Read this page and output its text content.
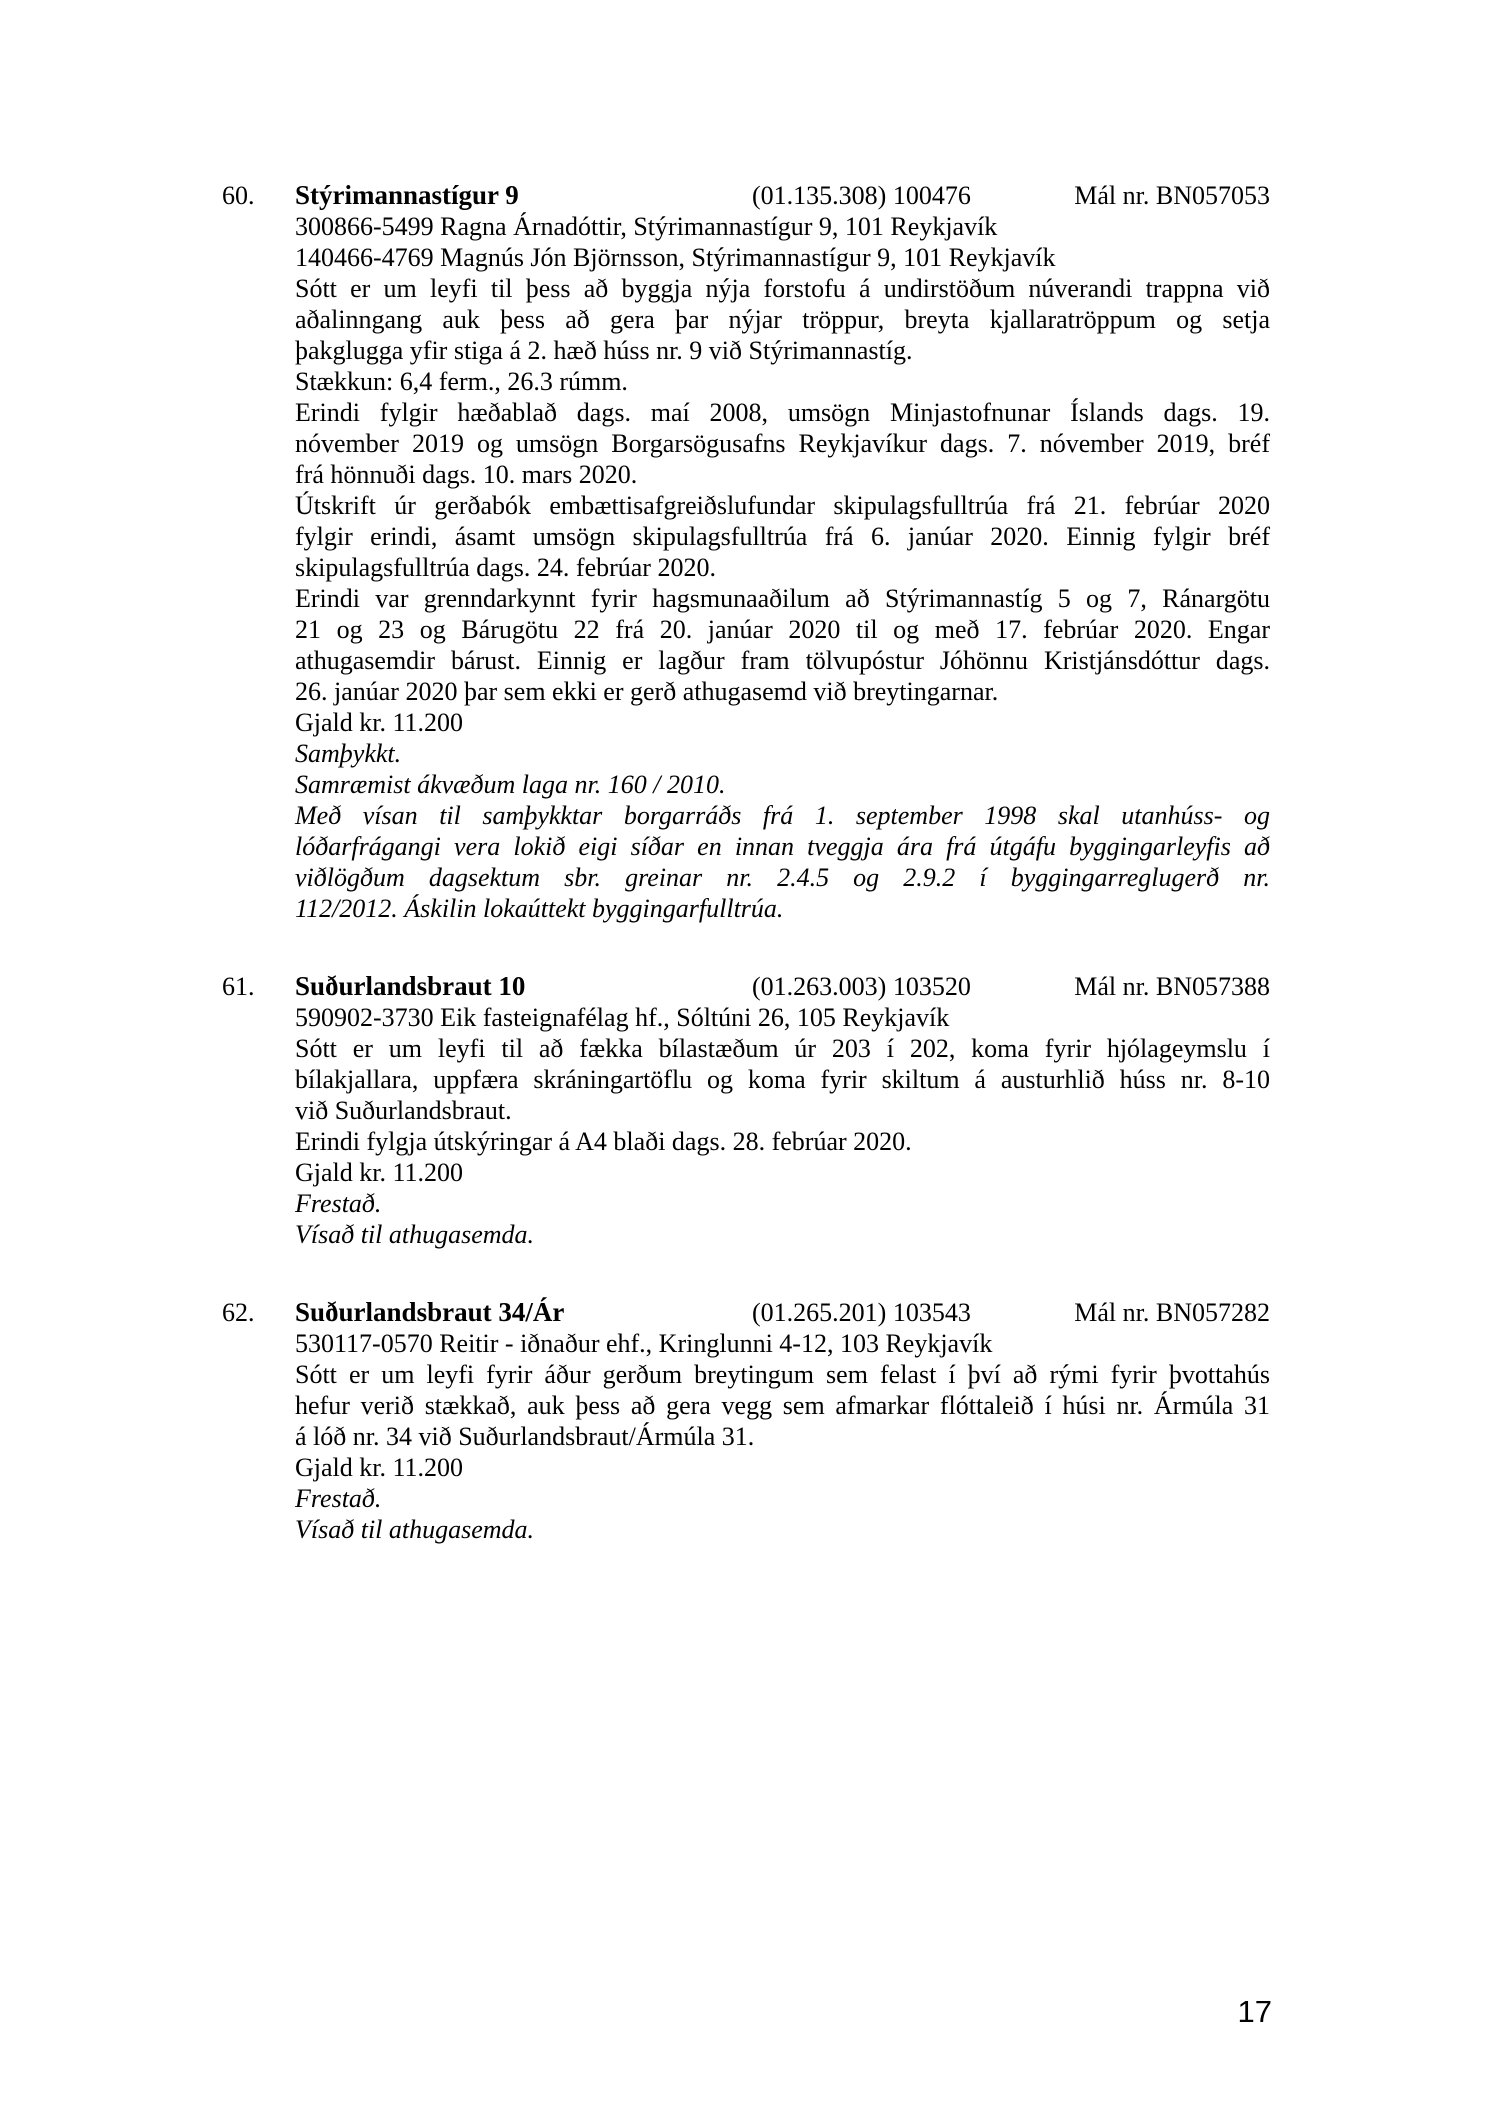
60.	Stýrimannastígur 9	(01.135.308) 100476	Mál nr. BN057053
300866-5499 Ragna Árnadóttir, Stýrimannastígur 9, 101 Reykjavík
140466-4769 Magnús Jón Björnsson, Stýrimannastígur 9, 101 Reykjavík
Sótt er um leyfi til þess að byggja nýja forstofu á undirstöðum núverandi trappna við
aðalinngang auk þess að gera þar nýjar tröppur, breyta kjallaratröppum og setja
þakglugga yfir stiga á 2. hæð húss nr. 9 við Stýrimannastíg.
Stækkun: 6,4 ferm., 26.3 rúmm.
Erindi fylgir hæðablað dags. maí 2008, umsögn Minjastofnunar Íslands dags. 19.
nóvember 2019 og umsögn Borgarsögusafns Reykjavíkur dags. 7. nóvember 2019, bréf
frá hönnuði dags. 10. mars 2020.
Útskrift úr gerðabók embættisafgreiðslufundar skipulagsfulltrúa frá 21. febrúar 2020
fylgir erindi, ásamt umsögn skipulagsfulltrúa frá 6. janúar 2020. Einnig fylgir bréf
skipulagsfulltrúa dags. 24. febrúar 2020.
Erindi var grenndarkynnt fyrir hagsmunaaðilum að Stýrimannastíg 5 og 7, Ránargötu
21 og 23 og Bárugötu 22 frá 20. janúar 2020 til og með 17. febrúar 2020. Engar
athugasemdir bárust. Einnig er lagður fram tölvupóstur Jóhönnu Kristjánsdóttur dags.
26. janúar 2020 þar sem ekki er gerð athugasemd við breytingarnar.
Gjald kr. 11.200
Samþykkt.
Samræmist ákvæðum laga nr. 160 / 2010.
Með vísan til samþykktar borgarráðs frá 1. september 1998 skal utanhúss- og
lóðarfrágangi vera lokið eigi síðar en innan tveggja ára frá útgáfu byggingarleyfis að
viðlögðum dagsektum sbr. greinar nr. 2.4.5 og 2.9.2 í byggingarreglugerð nr.
112/2012. Áskilin lokaúttekt byggingarfulltrúa.
61.	Suðurlandsbraut 10	(01.263.003) 103520	Mál nr. BN057388
590902-3730 Eik fasteignafélag hf., Sóltúni 26, 105 Reykjavík
Sótt er um leyfi til að fækka bílastæðum úr 203 í 202, koma fyrir hjólageymslu í
bílakjallara, uppfæra skráningartöflu og koma fyrir skiltum á austurhlið húss nr. 8-10
við Suðurlandsbraut.
Erindi fylgja útskýringar á A4 blaði dags. 28. febrúar 2020.
Gjald kr. 11.200
Frestað.
Vísað til athugasemda.
62.	Suðurlandsbraut 34/Ár	(01.265.201) 103543	Mál nr. BN057282
530117-0570 Reitir - iðnaður ehf., Kringlunni 4-12, 103 Reykjavík
Sótt er um leyfi fyrir áður gerðum breytingum sem felast í því að rými fyrir þvottahús
hefur verið stækkað, auk þess að gera vegg sem afmarkar flóttaleið í húsi nr. Ármúla 31
á lóð nr. 34 við Suðurlandsbraut/Ármúla 31.
Gjald kr. 11.200
Frestað.
Vísað til athugasemda.
17
